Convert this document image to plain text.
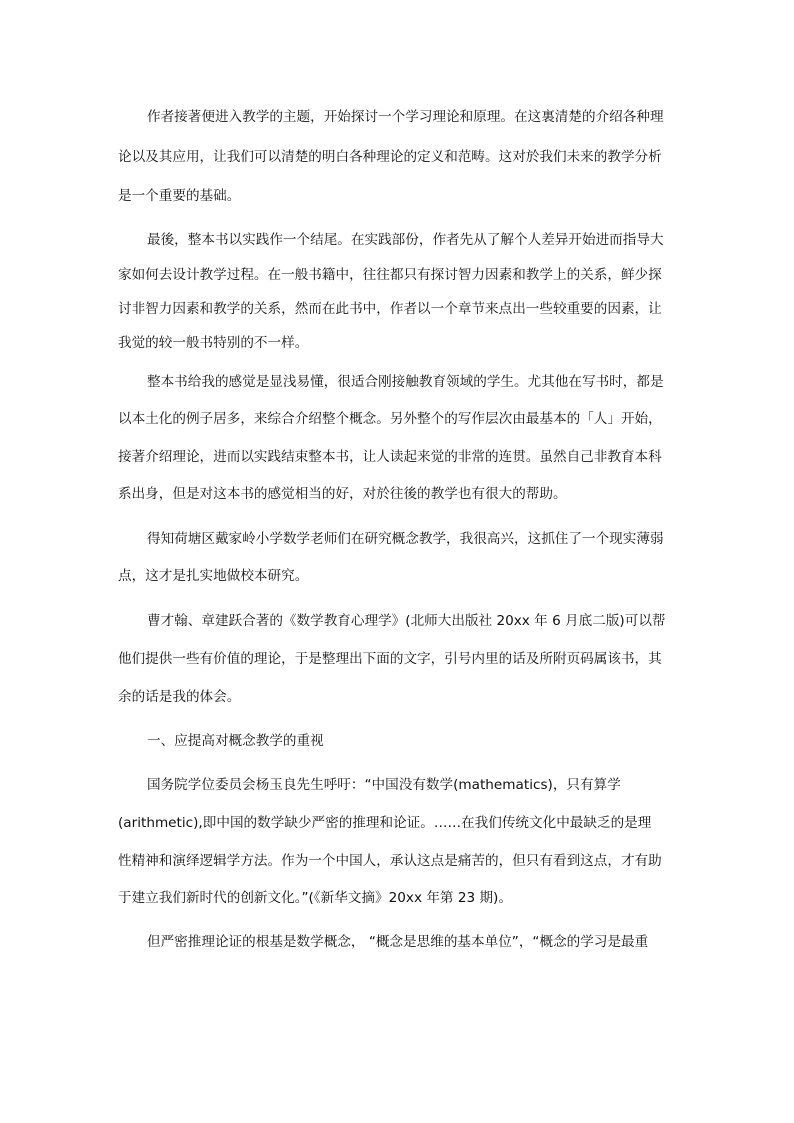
作者接著便进入教学的主题，开始探讨一个学习理论和原理。在这裏清楚的介绍各种理
论以及其应用，让我们可以清楚的明白各种理论的定义和范畴。这对於我们未来的教学分析
是一个重要的基础。
最後，整本书以实践作一个结尾。在实践部份，作者先从了解个人差异开始进而指导大
家如何去设计教学过程。在一般书籍中，往往都只有探讨智力因素和教学上的关系，鲜少探
讨非智力因素和教学的关系，然而在此书中，作者以一个章节来点出一些较重要的因素，让
我觉的较一般书特别的不一样。
整本书给我的感觉是显浅易懂，很适合刚接触教育领域的学生。尤其他在写书时，都是
以本土化的例子居多，来综合介绍整个概念。另外整个的写作层次由最基本的「人」开始，
接著介绍理论，进而以实践结束整本书，让人读起来觉的非常的连贯。虽然自己非教育本科
系出身，但是对这本书的感觉相当的好，对於往後的教学也有很大的帮助。
得知荷塘区戴家岭小学数学老师们在研究概念教学，我很高兴，这抓住了一个现实薄弱
点，这才是扎实地做校本研究。
曹才翰、章建跃合著的《数学教育心理学》(北师大出版社 20xx 年 6 月底二版)可以帮
他们提供一些有价值的理论，于是整理出下面的文字，引号内里的话及所附页码属该书，其
余的话是我的体会。
一、应提高对概念教学的重视
国务院学位委员会杨玉良先生呼吁：“中国没有数学(mathematics)，只有算学
(arithmetic),即中国的数学缺少严密的推理和论证。……在我们传统文化中最缺乏的是理
性精神和演绎逻辑学方法。作为一个中国人，承认这点是痛苦的，但只有看到这点，才有助
于建立我们新时代的创新文化。”(《新华文摘》20xx 年第 23 期)。
但严密推理论证的根基是数学概念， “概念是思维的基本单位”，“概念的学习是最重
